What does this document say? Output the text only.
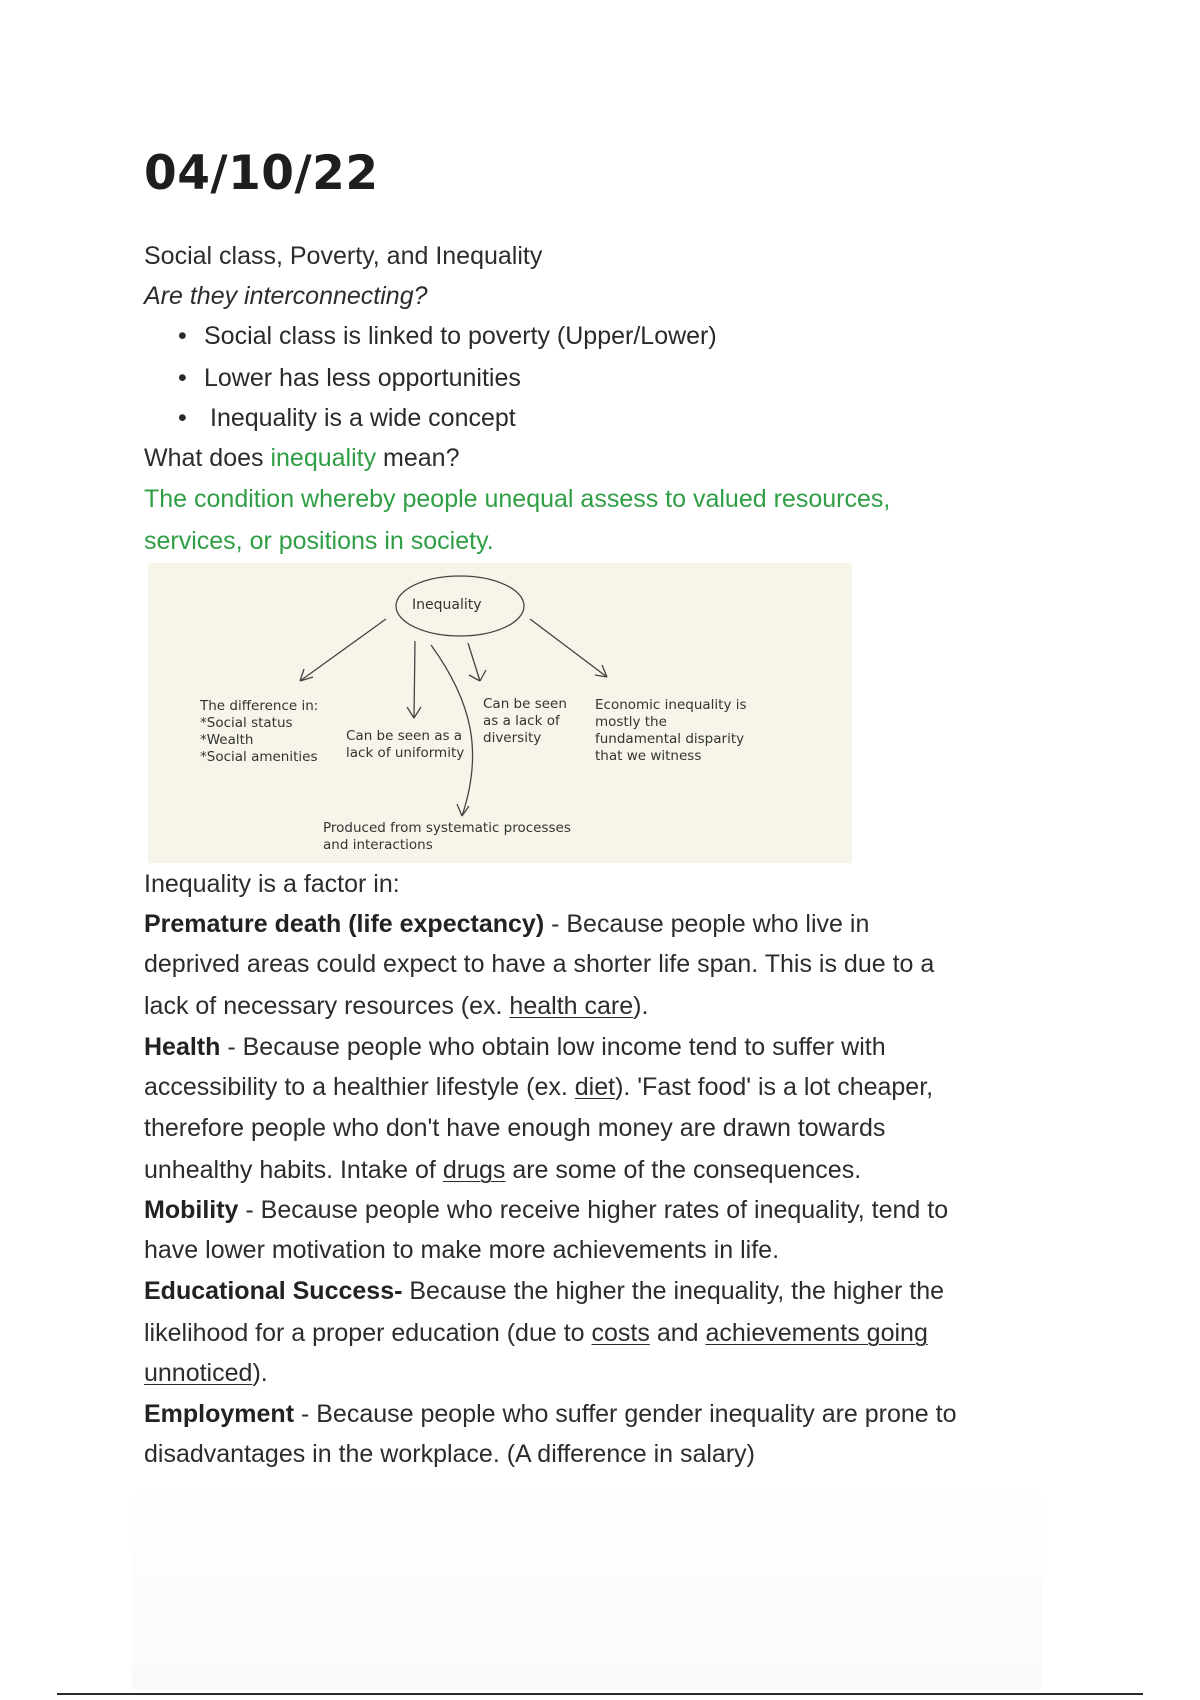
04/10/22

Social class, Poverty, and Inequality

Are they interconnecting?

• Social class is linked to poverty (Upper/Lower)
• Lower has less opportunities
• Inequality is a wide concept

What does inequality mean?

The condition whereby people unequal assess to valued resources,

services, or positions in society.

Inequality
The difference in:
*Social status
*Wealth
*Social amenities
Can be seen as a
lack of uniformity
Can be seen
as a lack of
diversity
Economic inequality is
mostly the
fundamental disparity
that we witness
Produced from systematic processes
and interactions

Inequality is a factor in:

Premature death (life expectancy) - Because people who live in

deprived areas could expect to have a shorter life span. This is due to a

lack of necessary resources (ex. health care).

Health - Because people who obtain low income tend to suffer with

accessibility to a healthier lifestyle (ex. diet). 'Fast food' is a lot cheaper,

therefore people who don't have enough money are drawn towards

unhealthy habits. Intake of drugs are some of the consequences.

Mobility - Because people who receive higher rates of inequality, tend to

have lower motivation to make more achievements in life.

Educational Success- Because the higher the inequality, the higher the

likelihood for a proper education (due to costs and achievements going

unnoticed).

Employment - Because people who suffer gender inequality are prone to

disadvantages in the workplace. (A difference in salary)
